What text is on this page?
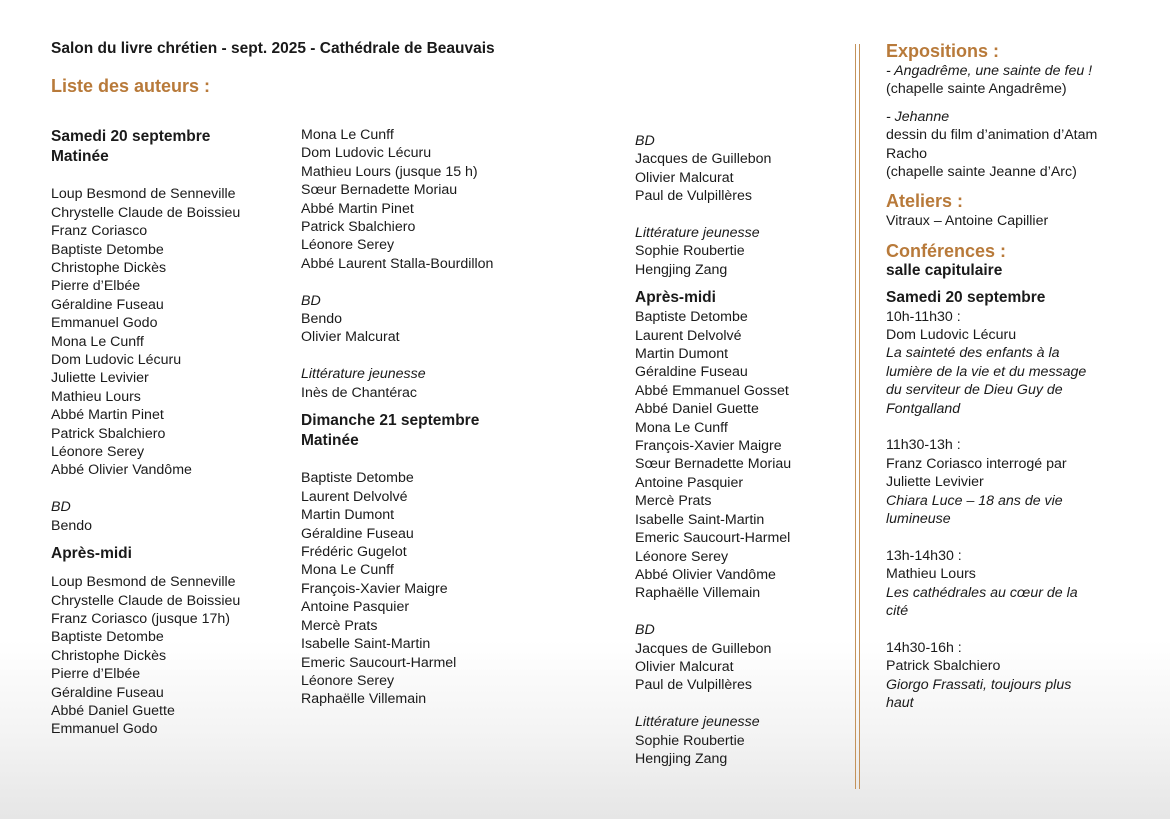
Salon du livre chrétien - sept. 2025 - Cathédrale de Beauvais
Liste des auteurs :
Samedi 20 septembre
Matinée
Loup Besmond de Senneville
Chrystelle Claude de Boissieu
Franz Coriasco
Baptiste Detombe
Christophe Dickès
Pierre d’Elbée
Géraldine Fuseau
Emmanuel Godo
Mona Le Cunff
Dom Ludovic Lécuru
Juliette Levivier
Mathieu Lours
Abbé Martin Pinet
Patrick Sbalchiero
Léonore Serey
Abbé Olivier Vandôme
BD
Bendo
Après-midi
Loup Besmond de Senneville
Chrystelle Claude de Boissieu
Franz Coriasco (jusque 17h)
Baptiste Detombe
Christophe Dickès
Pierre d’Elbée
Géraldine Fuseau
Abbé Daniel Guette
Emmanuel Godo
Mona Le Cunff
Dom Ludovic Lécuru
Mathieu Lours (jusque 15 h)
Sœur Bernadette Moriau
Abbé Martin Pinet
Patrick Sbalchiero
Léonore Serey
Abbé Laurent Stalla-Bourdillon
BD
Bendo
Olivier Malcurat
Littérature jeunesse
Inès de Chantérac
Dimanche 21 septembre
Matinée
Baptiste Detombe
Laurent Delvolvé
Martin Dumont
Géraldine Fuseau
Frédéric Gugelot
Mona Le Cunff
François-Xavier Maigre
Antoine Pasquier
Mercè Prats
Isabelle Saint-Martin
Emeric Saucourt-Harmel
Léonore Serey
Raphaëlle Villemain
BD
Jacques de Guillebon
Olivier Malcurat
Paul de Vulpillères
Littérature jeunesse
Sophie Roubertie
Hengjing Zang
Après-midi
Baptiste Detombe
Laurent Delvolvé
Martin Dumont
Géraldine Fuseau
Abbé Emmanuel Gosset
Abbé Daniel Guette
Mona Le Cunff
François-Xavier Maigre
Sœur Bernadette Moriau
Antoine Pasquier
Mercè Prats
Isabelle Saint-Martin
Emeric Saucourt-Harmel
Léonore Serey
Abbé Olivier Vandôme
Raphaëlle Villemain
BD
Jacques de Guillebon
Olivier Malcurat
Paul de Vulpillères
Littérature jeunesse
Sophie Roubertie
Hengjing Zang
Expositions :
- Angadrême, une sainte de feu !
(chapelle sainte Angadrême)
- Jehanne
dessin du film d’animation d’Atam
Racho
(chapelle sainte Jeanne d’Arc)
Ateliers :
Vitraux – Antoine Capillier
Conférences :
salle capitulaire
Samedi 20 septembre
10h-11h30 :
Dom Ludovic Lécuru
La sainteté des enfants à la
lumière de la vie et du message
du serviteur de Dieu Guy de
Fontgalland
11h30-13h :
Franz Coriasco interrogé par
Juliette Levivier
Chiara Luce – 18 ans de vie
lumineuse
13h-14h30 :
Mathieu Lours
Les cathédrales au cœur de la
cité
14h30-16h :
Patrick Sbalchiero
Giorgo Frassati, toujours plus
haut
